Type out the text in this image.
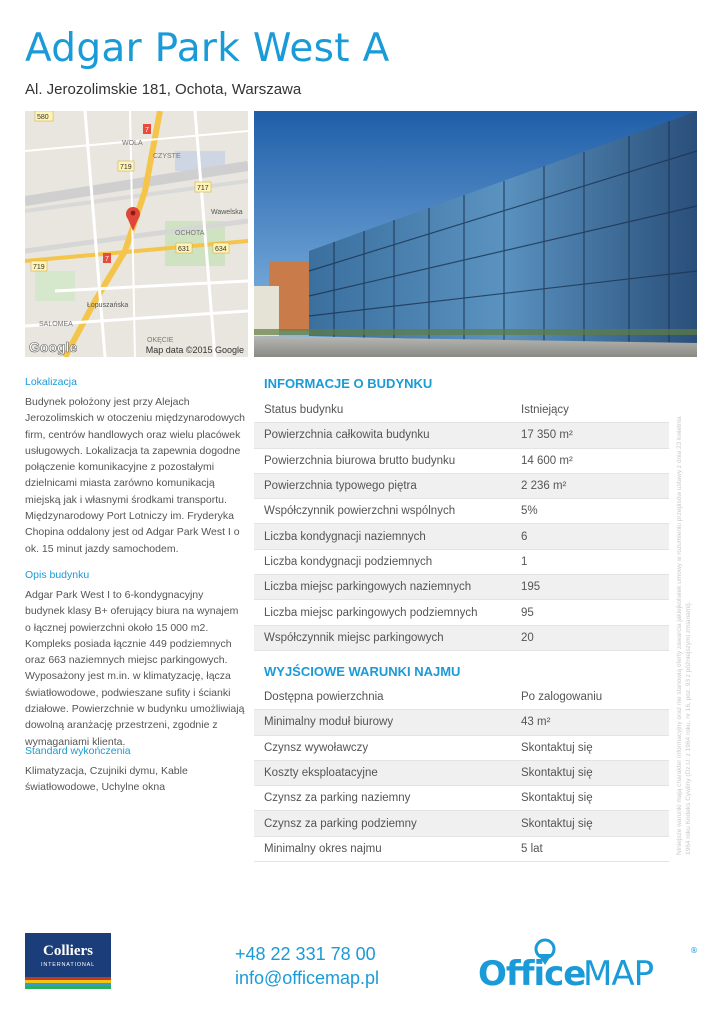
Adgar Park West A
Al. Jerozolimskie 181, Ochota, Warszawa
580
7
WOLA
CZYSTE
719
717
Wawelska
OCHOTA
631	634
719
7
Łopuszańska
SALOMEA
OKĘCIE
Google	Map data ©2015 Google

Lokalizacja

Budynek położony jest przy Alejach Jerozolimskich w otoczeniu międzynarodowych firm, centrów handlowych oraz wielu placówek usługowych. Lokalizacja ta zapewnia dogodne połączenie komunikacyjne z pozostałymi dzielnicami miasta zarówno komunikacją miejską jak i własnymi środkami transportu. Międzynarodowy Port Lotniczy im. Fryderyka Chopina oddalony jest od Adgar Park West I o ok. 15 minut jazdy samochodem.

Opis budynku

Adgar Park West I to 6-kondygnacyjny budynek klasy B+ oferujący biura na wynajem o łącznej powierzchni około 15 000 m2. Kompleks posiada łącznie 449 podziemnych oraz 663 naziemnych miejsc parkingowych. Wyposażony jest m.in. w klimatyzację, łącza światłowodowe, podwieszane sufity i ścianki działowe. Powierzchnie w budynku umożliwiają dowolną aranżację przestrzeni, zgodnie z wymaganiami klienta.

Standard wykończenia

Klimatyzacja, Czujniki dymu, Kable światłowodowe, Uchylne okna

INFORMACJE O BUDYNKU
Status budynku	Istniejący
Powierzchnia całkowita budynku	17 350 m²
Powierzchnia biurowa brutto budynku	14 600 m²
Powierzchnia typowego piętra	2 236 m²
Współczynnik powierzchni wspólnych	5%
Liczba kondygnacji naziemnych	6
Liczba kondygnacji podziemnych	1
Liczba miejsc parkingowych naziemnych	195
Liczba miejsc parkingowych podziemnych	95
Współczynnik miejsc parkingowych	20
WYJŚCIOWE WARUNKI NAJMU
Dostępna powierzchnia	Po zalogowaniu
Minimalny moduł biurowy	43 m²
Czynsz wywoławczy	Skontaktuj się
Koszty eksploatacyjne	Skontaktuj się
Czynsz za parking naziemny	Skontaktuj się
Czynsz za parking podziemny	Skontaktuj się
Minimalny okres najmu	5 lat	Niniejsze warunki mają charakter informacyjny oraz nie stanowią oferty zawarcia jakiejkolwiek umowy w rozumieniu przepisów ustawy z dnia 23 kwietnia 1964 roku Kodeks Cywilny (Dz.U. z 1964 roku, nr 16, poz. 93 z późniejszymi zmianami).

Colliers
INTERNATIONAL
+48 22 331 78 00
info@officemap.pl	Office
MAP
®
